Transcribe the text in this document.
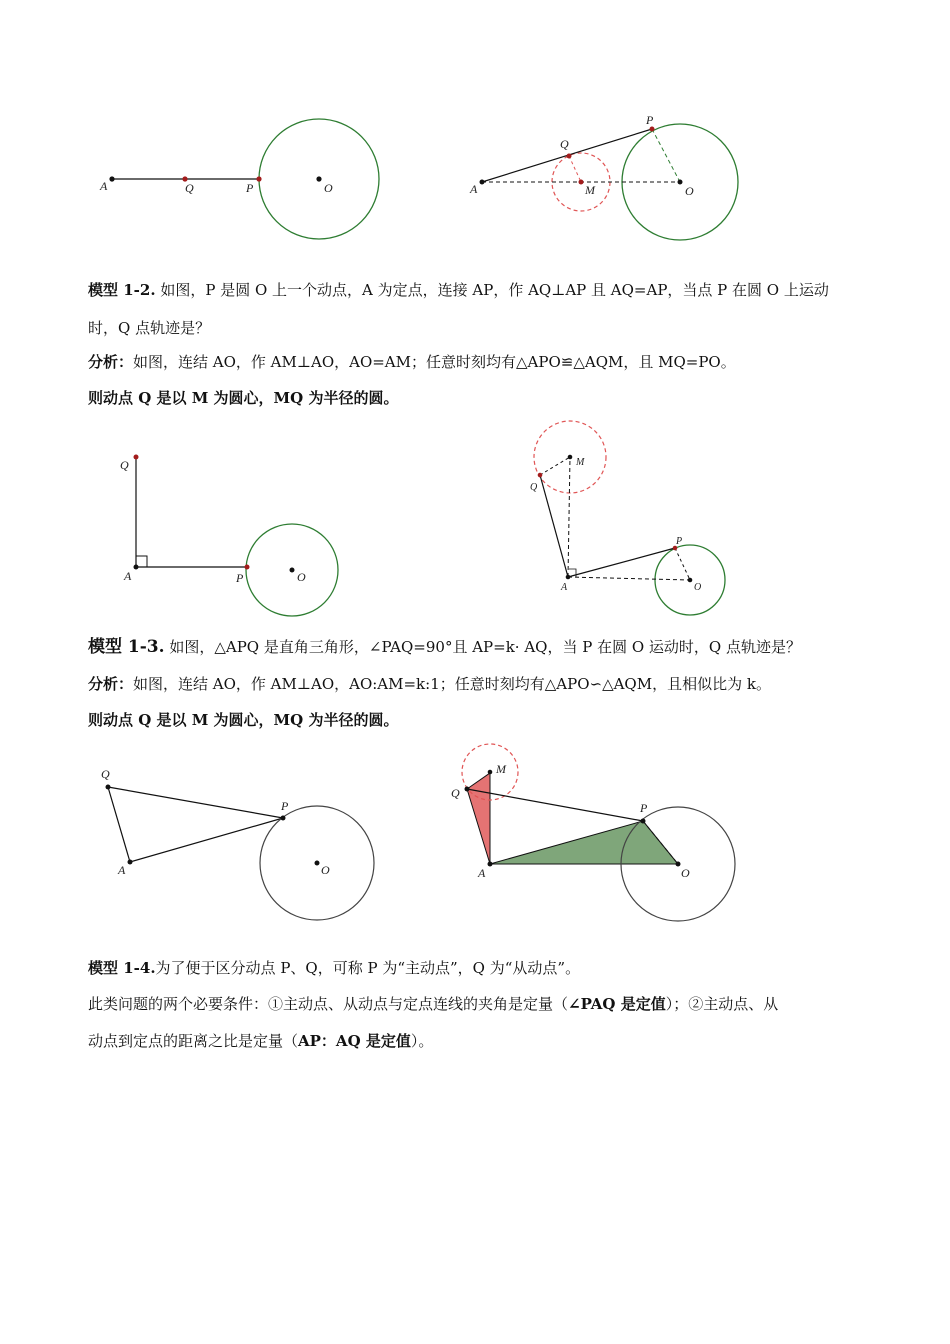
A	Q	P	O	A
Q
M
P
O
模型 1-2. 如图，P 是圆 O 上一个动点，A 为定点，连接 AP，作 AQ⊥AP 且 AQ=AP，当点 P 在圆 O 上运动
时，Q 点轨迹是？
分析：如图，连结 AO，作 AM⊥AO，AO=AM；任意时刻均有△APO≌△AQM，且 MQ=PO。
则动点 Q 是以 M 为圆心，MQ 为半径的圆。
Q
A	P	O
M
Q
P
A	O
模型 1-3. 如图，△APQ 是直角三角形，∠PAQ=90°且 AP=k· AQ，当 P 在圆 O 运动时，Q 点轨迹是？
分析：如图，连结 AO，作 AM⊥AO，AO:AM=k:1；任意时刻均有△APO∽△AQM，且相似比为 k。
则动点 Q 是以 M 为圆心，MQ 为半径的圆。
Q
P
A	O
M
Q
P
A	O
模型 1-4.为了便于区分动点 P、Q，可称 P 为“主动点”，Q 为“从动点”。
此类问题的两个必要条件：①主动点、从动点与定点连线的夹角是定量（∠PAQ 是定值）；②主动点、从
动点到定点的距离之比是定量（AP：AQ 是定值）。
